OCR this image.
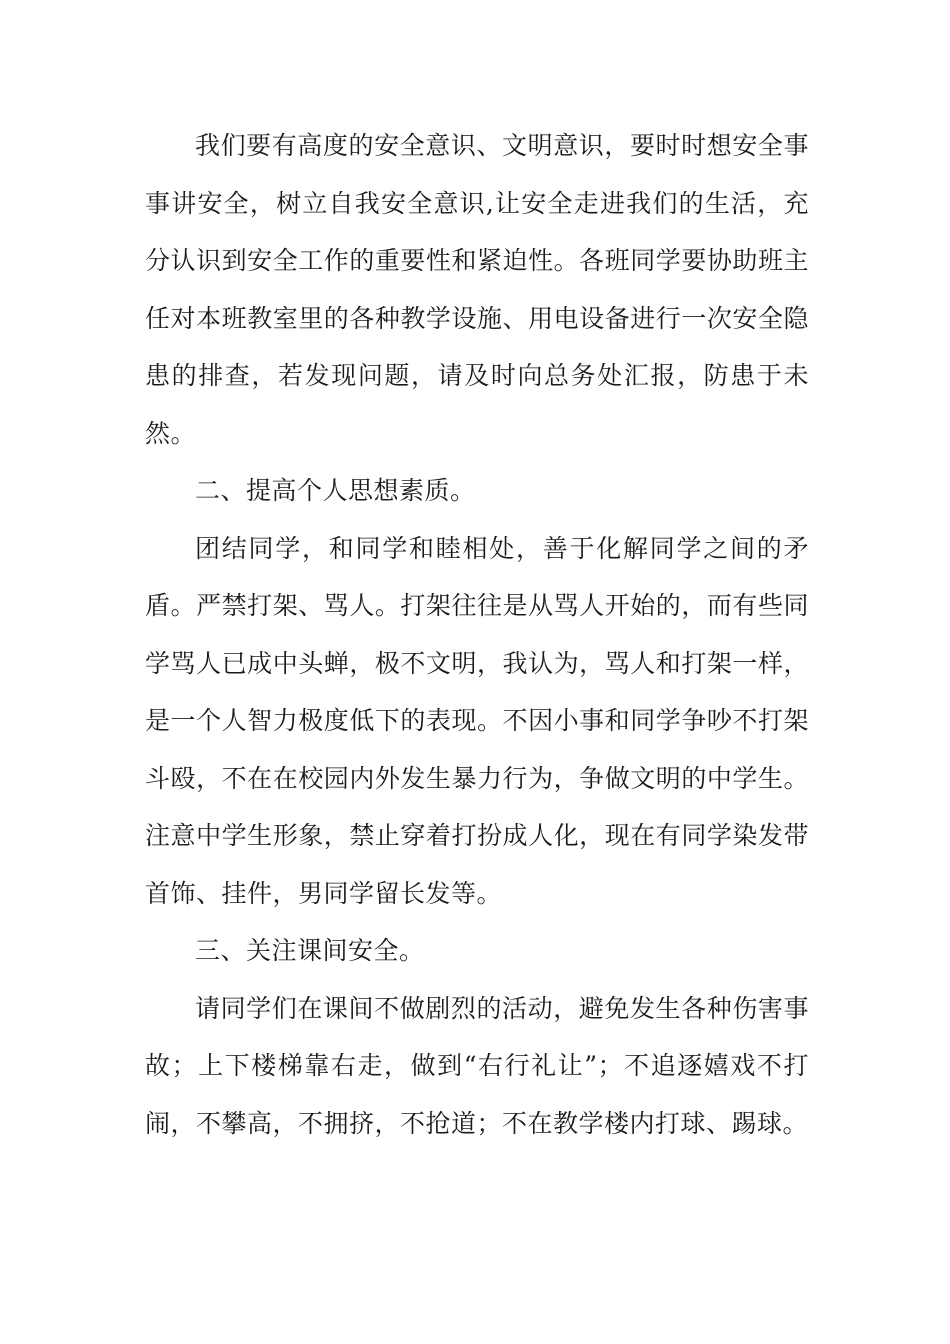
我们要有高度的安全意识、文明意识，要时时想安全事事讲安全，树立自我安全意识,让安全走进我们的生活，充分认识到安全工作的重要性和紧迫性。各班同学要协助班主任对本班教室里的各种教学设施、用电设备进行一次安全隐患的排查，若发现问题，请及时向总务处汇报，防患于未然。

二、提高个人思想素质。

团结同学，和同学和睦相处，善于化解同学之间的矛盾。严禁打架、骂人。打架往往是从骂人开始的，而有些同学骂人已成中头蝉，极不文明，我认为，骂人和打架一样，是一个人智力极度低下的表现。不因小事和同学争吵不打架斗殴，不在在校园内外发生暴力行为，争做文明的中学生。注意中学生形象，禁止穿着打扮成人化，现在有同学染发带首饰、挂件，男同学留长发等。

三、关注课间安全。

请同学们在课间不做剧烈的活动，避免发生各种伤害事故；上下楼梯靠右走，做到“右行礼让”；不追逐嬉戏不打闹，不攀高，不拥挤，不抢道；不在教学楼内打球、踢球。
